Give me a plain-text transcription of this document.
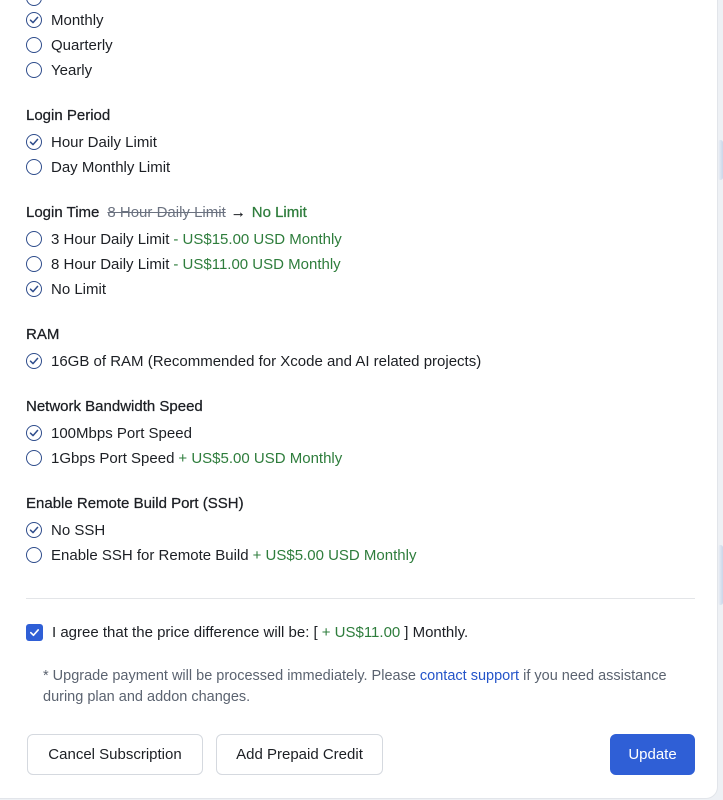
Monthly
Quarterly
Yearly
Login Period
Hour Daily Limit
Day Monthly Limit
Login Time 8 Hour Daily Limit → No Limit
3 Hour Daily Limit - US$15.00 USD Monthly
8 Hour Daily Limit - US$11.00 USD Monthly
No Limit
RAM
16GB of RAM (Recommended for Xcode and AI related projects)
Network Bandwidth Speed
100Mbps Port Speed
1Gbps Port Speed + US$5.00 USD Monthly
Enable Remote Build Port (SSH)
No SSH
Enable SSH for Remote Build + US$5.00 USD Monthly
I agree that the price difference will be: [ + US$11.00 ] Monthly.
* Upgrade payment will be processed immediately. Please contact support if you need assistance during plan and addon changes.
Cancel Subscription	Add Prepaid Credit	Update
